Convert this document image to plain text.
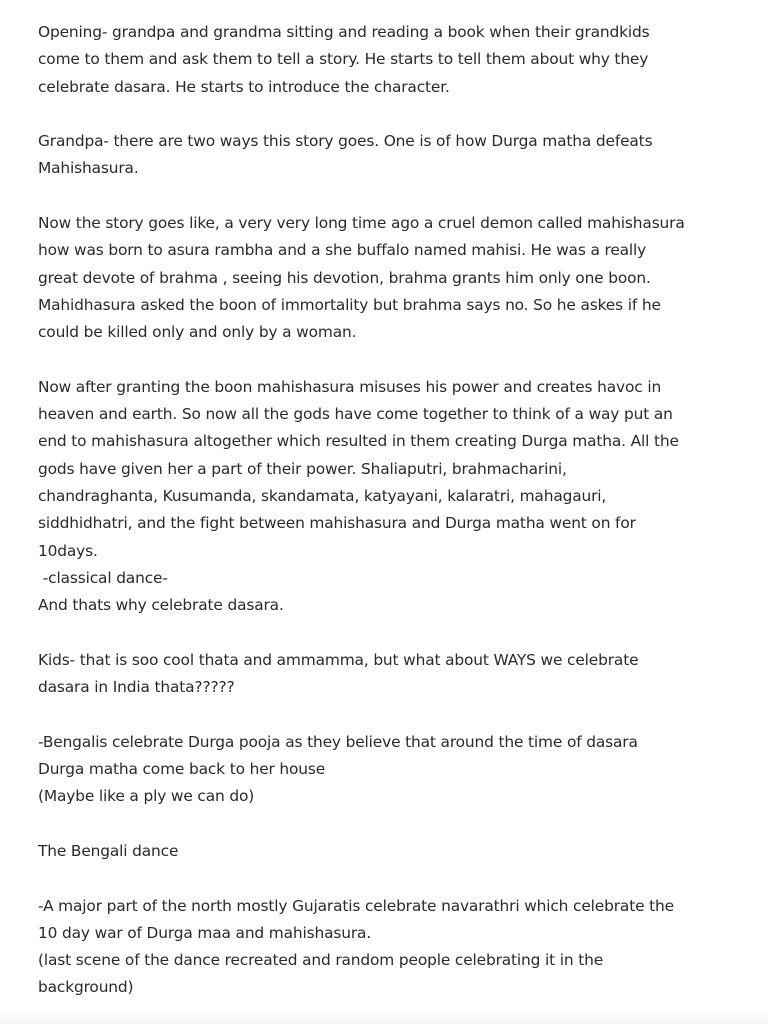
Opening- grandpa and grandma sitting and reading a book when their grandkids
come to them and ask them to tell a story. He starts to tell them about why they
celebrate dasara. He starts to introduce the character.

Grandpa- there are two ways this story goes. One is of how Durga matha defeats
Mahishasura.

Now the story goes like, a very very long time ago a cruel demon called mahishasura
how was born to asura rambha and a she buffalo named mahisi. He was a really
great devote of brahma , seeing his devotion, brahma grants him only one boon.
Mahidhasura asked the boon of immortality but brahma says no. So he askes if he
could be killed only and only by a woman.

Now after granting the boon mahishasura misuses his power and creates havoc in
heaven and earth. So now all the gods have come together to think of a way put an
end to mahishasura altogether which resulted in them creating Durga matha. All the
gods have given her a part of their power. Shaliaputri, brahmacharini,
chandraghanta, Kusumanda, skandamata, katyayani, kalaratri, mahagauri,
siddhidhatri, and the fight between mahishasura and Durga matha went on for
10days.
-classical dance-
And thats why celebrate dasara.

Kids- that is soo cool thata and ammamma, but what about WAYS we celebrate
dasara in India thata?????

-Bengalis celebrate Durga pooja as they believe that around the time of dasara
Durga matha come back to her house
(Maybe like a ply we can do)

The Bengali dance

-A major part of the north mostly Gujaratis celebrate navarathri which celebrate the
10 day war of Durga maa and mahishasura.
(last scene of the dance recreated and random people celebrating it in the
background)
